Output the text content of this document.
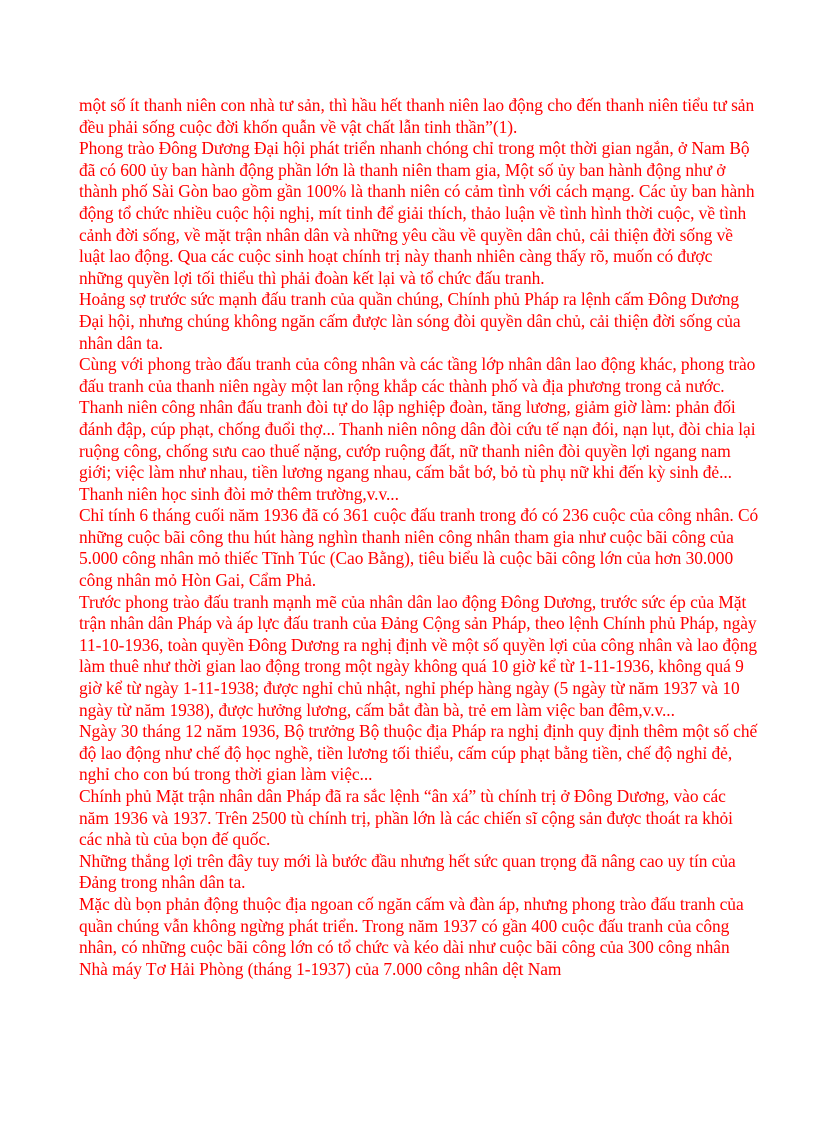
một số ít thanh niên con nhà tư sản, thì hầu hết thanh niên lao động cho đến thanh niên tiểu tư sản đều phải sống cuộc đời khốn quẫn về vật chất lẫn tinh thần”(1).

Phong trào Đông Dương Đại hội phát triển nhanh chóng chỉ trong một thời gian ngắn, ở Nam Bộ đã có 600 ủy ban hành động phần lớn là thanh niên tham gia, Một số ủy ban hành động như ở thành phố Sài Gòn bao gồm gần 100% là thanh niên có cảm tình với cách mạng. Các ủy ban hành động tổ chức nhiều cuộc hội nghị, mít tinh để giải thích, thảo luận về tình hình thời cuộc, về tình cảnh đời sống, về mặt trận nhân dân và những yêu cầu về quyền dân chủ, cải thiện đời sống về luật lao động. Qua các cuộc sinh hoạt chính trị này thanh nhiên càng thấy rõ, muốn có được những quyền lợi tối thiểu thì phải đoàn kết lại và tổ chức đấu tranh.

Hoảng sợ trước sức mạnh đấu tranh của quần chúng, Chính phủ Pháp ra lệnh cấm Đông Dương Đại hội, nhưng chúng không ngăn cấm được làn sóng đòi quyền dân chủ, cải thiện đời sống của nhân dân ta.

Cùng với phong trào đấu tranh của công nhân và các tầng lớp nhân dân lao động khác, phong trào đấu tranh của thanh niên ngày một lan rộng khắp các thành phố và địa phương trong cả nước. Thanh niên công nhân đấu tranh đòi tự do lập nghiệp đoàn, tăng lương, giảm giờ làm: phản đối đánh đập, cúp phạt, chống đuổi thợ... Thanh niên nông dân đòi cứu tế nạn đói, nạn lụt, đòi chia lại ruộng công, chống sưu cao thuế nặng, cướp ruộng đất, nữ thanh niên đòi quyền lợi ngang nam giới; việc làm như nhau, tiền lương ngang nhau, cấm bắt bớ, bỏ tù phụ nữ khi đến kỳ sinh đẻ... Thanh niên học sinh đòi mở thêm trường,v.v...

Chỉ tính 6 tháng cuối năm 1936 đã có 361 cuộc đấu tranh trong đó có 236 cuộc của công nhân. Có những cuộc bãi công thu hút hàng nghìn thanh niên công nhân tham gia như cuộc bãi công của 5.000 công nhân mỏ thiếc Tĩnh Túc (Cao Bằng), tiêu biểu là cuộc bãi công lớn của hơn 30.000 công nhân mỏ Hòn Gai, Cẩm Phả.

Trước phong trào đấu tranh mạnh mẽ của nhân dân lao động Đông Dương, trước sức ép của Mặt trận nhân dân Pháp và áp lực đấu tranh của Đảng Cộng sản Pháp, theo lệnh Chính phủ Pháp, ngày 11-10-1936, toàn quyền Đông Dương ra nghị định về một số quyền lợi của công nhân và lao động làm thuê như thời gian lao động trong một ngày không quá 10 giờ kể từ 1-11-1936, không quá 9 giờ kể từ ngày 1-11-1938; được nghỉ chủ nhật, nghỉ phép hàng ngày (5 ngày từ năm 1937 và 10 ngày từ năm 1938), được hưởng lương, cấm bắt đàn bà, trẻ em làm việc ban đêm,v.v...

Ngày 30 tháng 12 năm 1936, Bộ trưởng Bộ thuộc địa Pháp ra nghị định quy định thêm một số chế độ lao động như chế độ học nghề, tiền lương tối thiểu, cấm cúp phạt bằng tiền, chế độ nghỉ đẻ, nghỉ cho con bú trong thời gian làm việc...

Chính phủ Mặt trận nhân dân Pháp đã ra sắc lệnh “ân xá” tù chính trị ở Đông Dương, vào các năm 1936 và 1937. Trên 2500 tù chính trị, phần lớn là các chiến sĩ cộng sản được thoát ra khỏi các nhà tù của bọn đế quốc.

Những thắng lợi trên đây tuy mới là bước đầu nhưng hết sức quan trọng đã nâng cao uy tín của Đảng trong nhân dân ta.

Mặc dù bọn phản động thuộc địa ngoan cố ngăn cấm và đàn áp, nhưng phong trào đấu tranh của quần chúng vẫn không ngừng phát triển. Trong năm 1937 có gần 400 cuộc đấu tranh của công nhân, có những cuộc bãi công lớn có tổ chức và kéo dài như cuộc bãi công của 300 công nhân Nhà máy Tơ Hải Phòng (tháng 1-1937) của 7.000 công nhân dệt Nam
